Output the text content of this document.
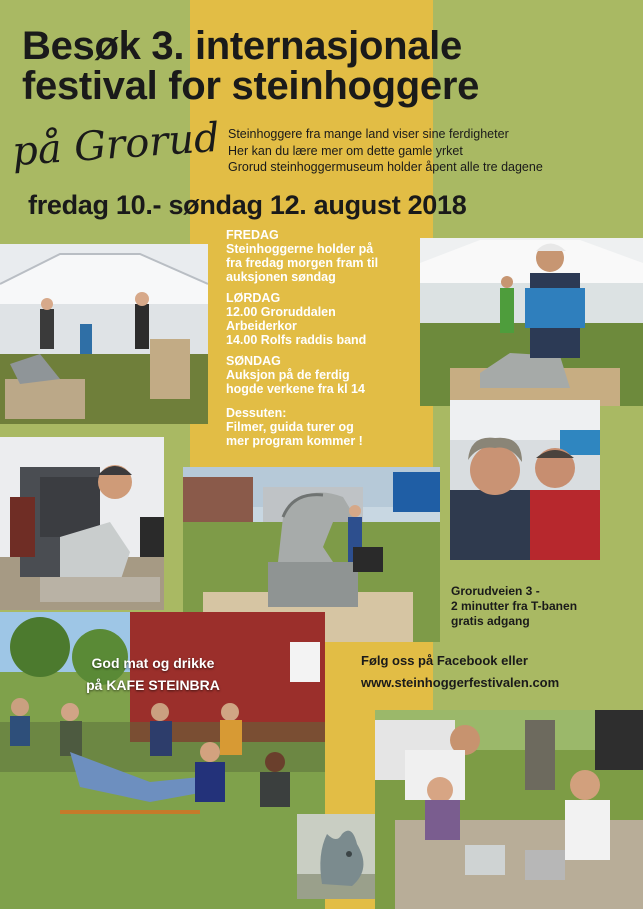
Besøk 3. internasjonale
festival for steinhoggere
på Grorud Steinhoggere fra mange land viser sine ferdigheter
Her kan du lære mer om dette gamle yrket
Grorud steinhoggermuseum holder åpent alle tre dagene
fredag 10.- søndag 12. august 2018
FREDAG
Steinhoggerne holder på
fra fredag morgen fram til
auksjonen søndag
LØRDAG
12.00 Groruddalen
Arbeiderkor
14.00 Rolfs raddis band
SØNDAG
Auksjon på de ferdig
hogde verkene fra kl 14
Dessuten:
Filmer, guida turer og
mer program kommer !
Grorudveien 3 -
2 minutter fra T-banen
gratis adgang
Følg oss på Facebook eller
www.steinhoggerfestivalen.com
God mat og drikke
på KAFE STEINBRA
